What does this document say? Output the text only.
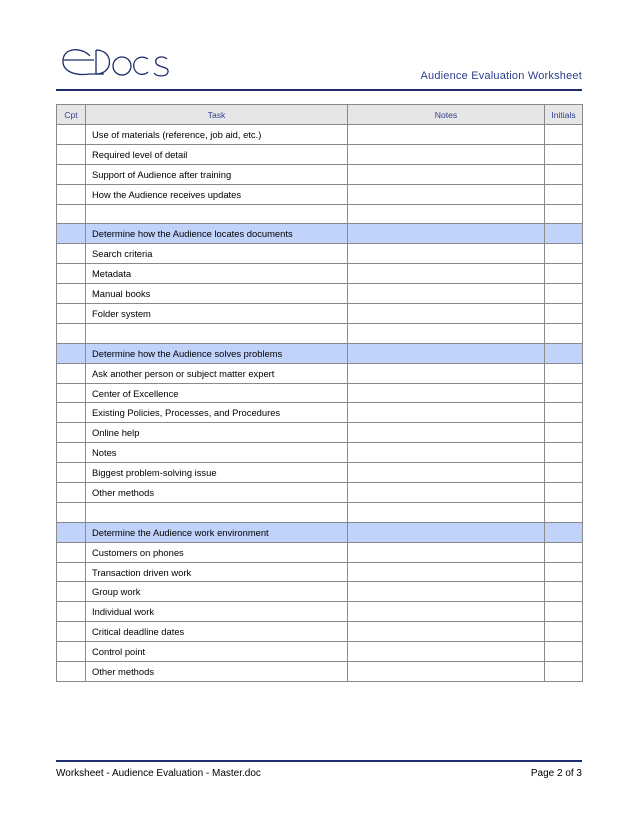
Audience Evaluation Worksheet
Cpt	Task	Notes	Initials
	Use of materials (reference, job aid, etc.)		
	Required level of detail		
	Support of Audience after training		
	How the Audience receives updates		

	Determine how the Audience locates documents		
	Search criteria		
	Metadata		
	Manual books		
	Folder system		

	Determine how the Audience solves problems		
	Ask another person or subject matter expert		
	Center of Excellence		
	Existing Policies, Processes, and Procedures		
	Online help		
	Notes		
	Biggest problem-solving issue		
	Other methods		

	Determine the Audience work environment		
	Customers on phones		
	Transaction driven work		
	Group work		
	Individual work		
	Critical deadline dates		
	Control point		
	Other methods		
Worksheet - Audience Evaluation - Master.doc	Page 2 of 3
